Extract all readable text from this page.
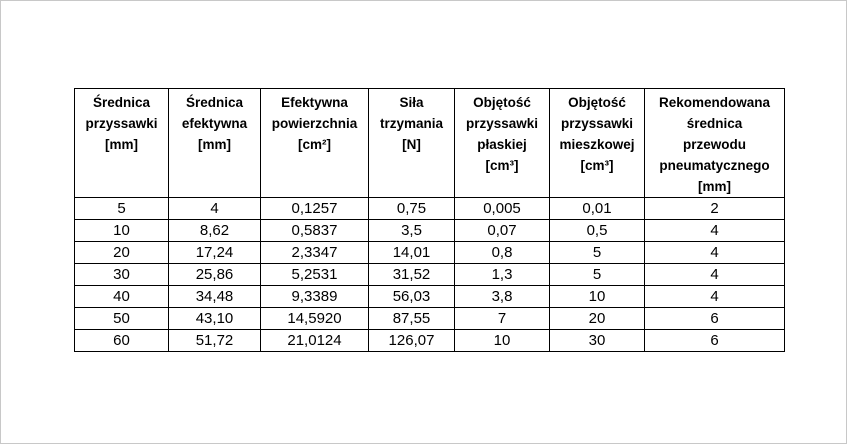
Średnica
przyssawki
[mm]	Średnica
efektywna
[mm]	Efektywna
powierzchnia
[cm²]	Siła
trzymania
[N]	Objętość
przyssawki
płaskiej
[cm³]	Objętość
przyssawki
mieszkowej
[cm³]	Rekomendowana
średnica
przewodu
pneumatycznego
[mm]

5	4	0,1257	0,75	0,005	0,01	2
10	8,62	0,5837	3,5	0,07	0,5	4
20	17,24	2,3347	14,01	0,8	5	4
30	25,86	5,2531	31,52	1,3	5	4
40	34,48	9,3389	56,03	3,8	10	4
50	43,10	14,5920	87,55	7	20	6
60	51,72	21,0124	126,07	10	30	6
